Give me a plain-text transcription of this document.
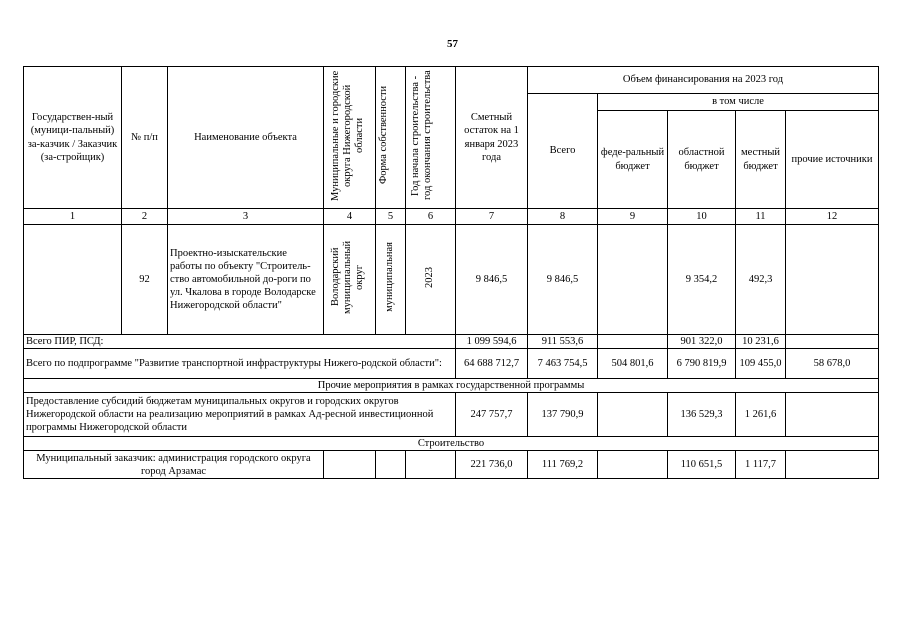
57
Государствен-ный (муници-пальный) за-казчик / Заказчик (за-стройщик)	№ п/п	Наименование объекта	Муниципальные и городские округа Нижегородской области	Форма собственности	Год начала строительства - год окончания строительства	Сметный остаток на 1 января 2023 года	Объем финансирования на 2023 год				
							Всего	в том числе			
								феде-ральный бюджет	областной бюджет	местный бюджет	прочие источники
1	2	3	4	5	6	7	8	9	10	11	12
	92	Проектно-изыскательские работы по объекту "Строитель-ство автомобильной до-роги по ул. Чкалова в городе Володарске Нижегородской области"	Володарский муниципальный округ	муниципальная	2023	9 846,5	9 846,5		9 354,2	492,3	
Всего ПИР, ПСД:						1 099 594,6	911 553,6		901 322,0	10 231,6	
Всего по подпрограмме "Развитие транспортной инфраструктуры Нижего-родской области":						64 688 712,7	7 463 754,5	504 801,6	6 790 819,9	109 455,0	58 678,0
Прочие мероприятия в рамках государственной программы											
Предоставление субсидий бюджетам муниципальных округов и городских округов Нижегородской области на реализацию мероприятий в рамках Ад-ресной инвестиционной программы Нижегородской области						247 757,7	137 790,9		136 529,3	1 261,6	
Строительство											
Муниципальный заказчик: администрация городского округа город Арзамас						221 736,0	111 769,2		110 651,5	1 117,7	
